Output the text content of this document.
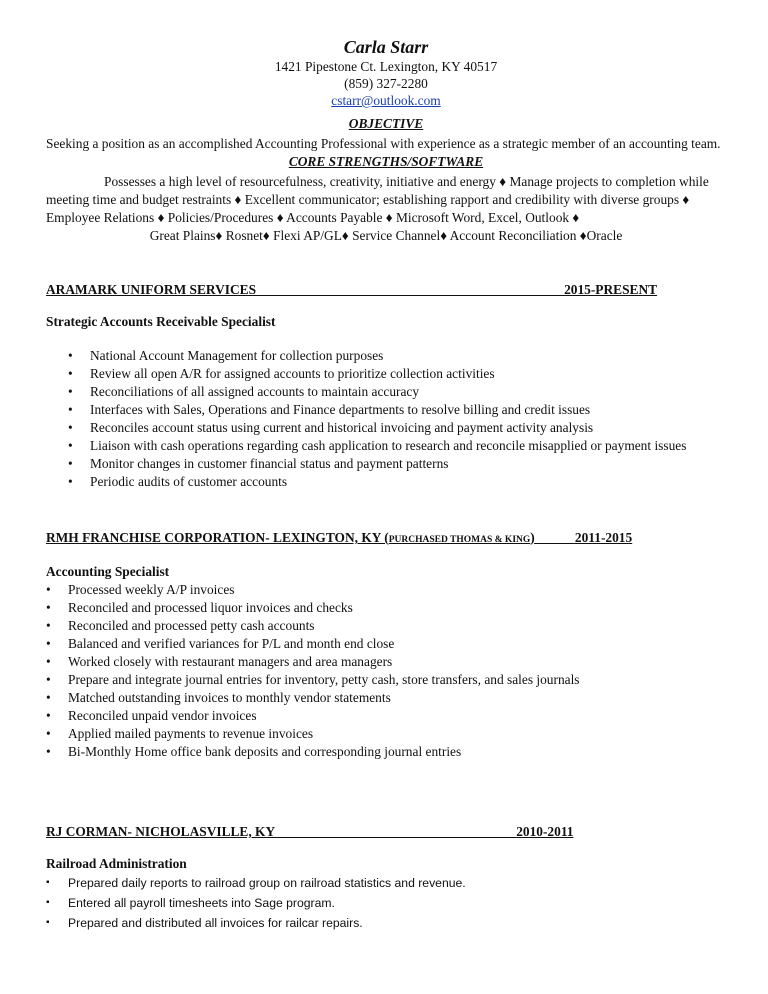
Carla Starr
1421 Pipestone Ct. Lexington, KY 40517
(859) 327-2280
cstarr@outlook.com
OBJECTIVE
Seeking a position as an accomplished Accounting Professional with experience as a strategic member of an accounting team.
CORE STRENGTHS/SOFTWARE
Possesses a high level of resourcefulness, creativity, initiative and energy ♦ Manage projects to completion while meeting time and budget restraints ♦ Excellent communicator; establishing rapport and credibility with diverse groups ♦ Employee Relations ♦ Policies/Procedures ♦ Accounts Payable ♦ Microsoft Word, Excel, Outlook ♦
Great Plains♦ Rosnet♦ Flexi AP/GL♦ Service Channel♦ Account Reconciliation ♦Oracle
ARAMARK UNIFORM SERVICES______________________________________________2015-PRESENT
Strategic Accounts Receivable Specialist
• National Account Management for collection purposes
• Review all open A/R for assigned accounts to prioritize collection activities
• Reconciliations of all assigned accounts to maintain accuracy
• Interfaces with Sales, Operations and Finance departments to resolve billing and credit issues
• Reconciles account status using current and historical invoicing and payment activity analysis
• Liaison with cash operations regarding cash application to research and reconcile misapplied or payment issues
• Monitor changes in customer financial status and payment patterns
• Periodic audits of customer accounts
RMH FRANCHISE CORPORATION- LEXINGTON, KY (PURCHASED THOMAS & KING)	2011-2015
Accounting Specialist
• Processed weekly A/P invoices
• Reconciled and processed liquor invoices and checks
• Reconciled and processed petty cash accounts
• Balanced and verified variances for P/L and month end close
• Worked closely with restaurant managers and area managers
• Prepare and integrate journal entries for inventory, petty cash, store transfers, and sales journals
• Matched outstanding invoices to monthly vendor statements
• Reconciled unpaid vendor invoices
• Applied mailed payments to revenue invoices
• Bi-Monthly Home office bank deposits and corresponding journal entries
RJ CORMAN- NICHOLASVILLE, KY____________________________________2010-2011
Railroad Administration
▪ Prepared daily reports to railroad group on railroad statistics and revenue.
▪ Entered all payroll timesheets into Sage program.
▪ Prepared and distributed all invoices for railcar repairs.
